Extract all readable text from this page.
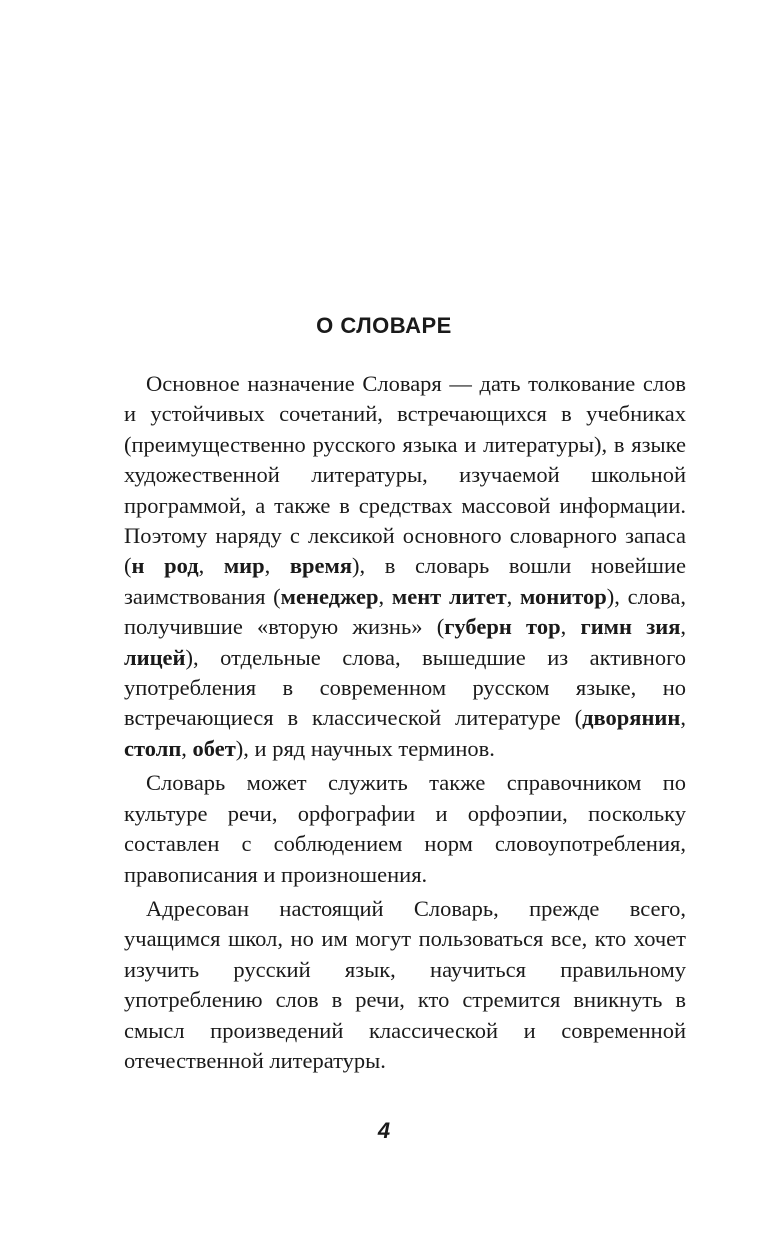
О СЛОВАРЕ

Основное назначение Словаря — дать толкование слов и устойчивых сочетаний, встречающихся в учебниках (преимущественно русского языка и литературы), в языке художественной литературы, изучаемой школьной программой, а также в средствах массовой информации. Поэтому наряду с лексикой основного словарного запаса (н род, мир, время), в словарь вошли новейшие заимствования (менеджер, мент литет, монитор), слова, получившие «вторую жизнь» (губерн тор, гимн зия, лицей), отдельные слова, вышедшие из активного употребления в современном русском языке, но встречающиеся в классической литературе (дворянин, столп, обет), и ряд научных терминов.

Словарь может служить также справочником по культуре речи, орфографии и орфоэпии, поскольку составлен с соблюдением норм словоупотребления, правописания и произношения.

Адресован настоящий Словарь, прежде всего, учащимся школ, но им могут пользоваться все, кто хочет изучить русский язык, научиться правильному употреблению слов в речи, кто стремится вникнуть в смысл произведений классической и современной отечественной литературы.

4
